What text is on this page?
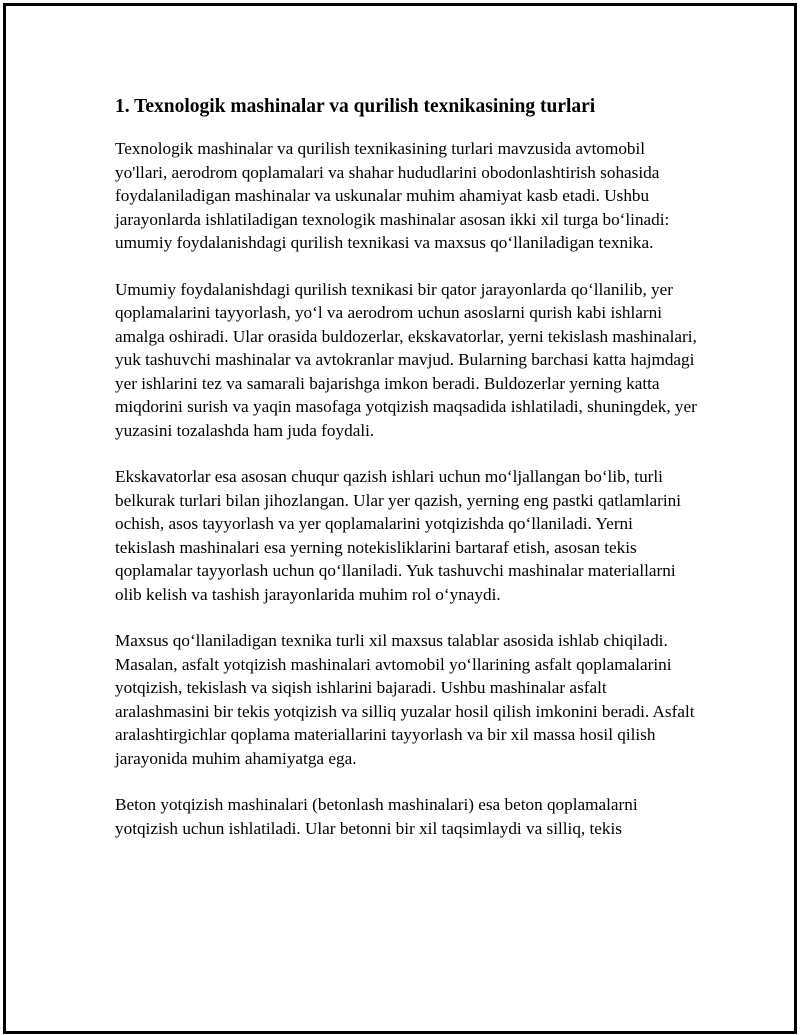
1. Texnologik mashinalar va qurilish texnikasining turlari

Texnologik mashinalar va qurilish texnikasining turlari mavzusida avtomobil yo'llari, aerodrom qoplamalari va shahar hududlarini obodonlashtirish sohasida foydalaniladigan mashinalar va uskunalar muhim ahamiyat kasb etadi. Ushbu jarayonlarda ishlatiladigan texnologik mashinalar asosan ikki xil turga bo‘linadi: umumiy foydalanishdagi qurilish texnikasi va maxsus qo‘llaniladigan texnika.

Umumiy foydalanishdagi qurilish texnikasi bir qator jarayonlarda qo‘llanilib, yer qoplamalarini tayyorlash, yo‘l va aerodrom uchun asoslarni qurish kabi ishlarni amalga oshiradi. Ular orasida buldozerlar, ekskavatorlar, yerni tekislash mashinalari, yuk tashuvchi mashinalar va avtokranlar mavjud. Bularning barchasi katta hajmdagi yer ishlarini tez va samarali bajarishga imkon beradi. Buldozerlar yerning katta miqdorini surish va yaqin masofaga yotqizish maqsadida ishlatiladi, shuningdek, yer yuzasini tozalashda ham juda foydali.

Ekskavatorlar esa asosan chuqur qazish ishlari uchun mo‘ljallangan bo‘lib, turli belkurak turlari bilan jihozlangan. Ular yer qazish, yerning eng pastki qatlamlarini ochish, asos tayyorlash va yer qoplamalarini yotqizishda qo‘llaniladi. Yerni tekislash mashinalari esa yerning notekisliklarini bartaraf etish, asosan tekis qoplamalar tayyorlash uchun qo‘llaniladi. Yuk tashuvchi mashinalar materiallarni olib kelish va tashish jarayonlarida muhim rol o‘ynaydi.

Maxsus qo‘llaniladigan texnika turli xil maxsus talablar asosida ishlab chiqiladi. Masalan, asfalt yotqizish mashinalari avtomobil yo‘llarining asfalt qoplamalarini yotqizish, tekislash va siqish ishlarini bajaradi. Ushbu mashinalar asfalt aralashmasini bir tekis yotqizish va silliq yuzalar hosil qilish imkonini beradi. Asfalt aralashtirgichlar qoplama materiallarini tayyorlash va bir xil massa hosil qilish jarayonida muhim ahamiyatga ega.

Beton yotqizish mashinalari (betonlash mashinalari) esa beton qoplamalarni yotqizish uchun ishlatiladi. Ular betonni bir xil taqsimlaydi va silliq, tekis
